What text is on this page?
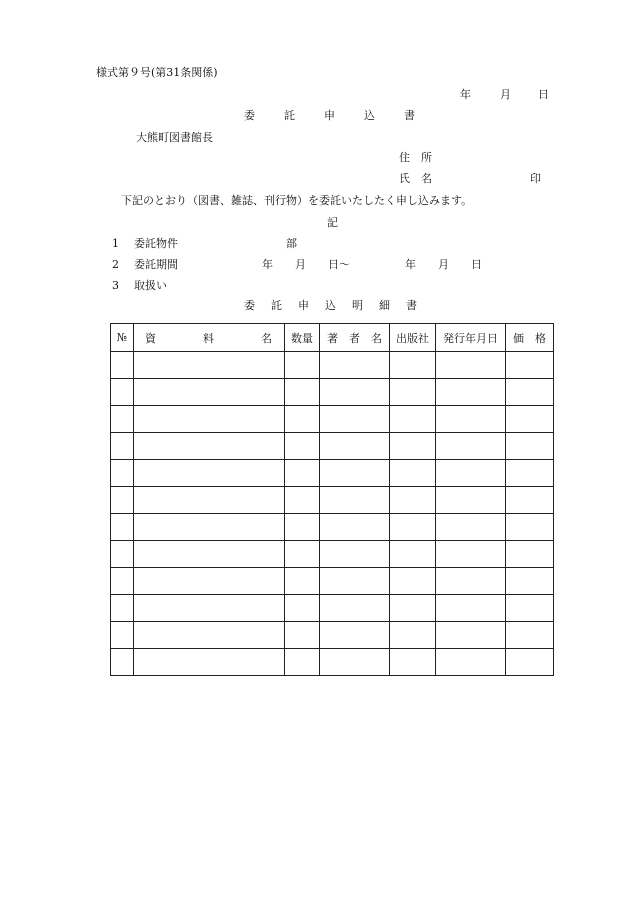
様式第９号(第31条関係)
年	月 日
委	託	申	込	書
大熊町図書館長
住　所
氏　名	印
下記のとおり（図書、雑誌、刊行物）を委託いたしたく申し込みます。
記
1 委託物件	部
2 委託期間	年　　月　　日～　　　　　年　　月　　日
3 取扱い
委 託 申 込 明 細 書
№	資 料 名	数量	著　者　名	出版社	発行年月日	価　格
